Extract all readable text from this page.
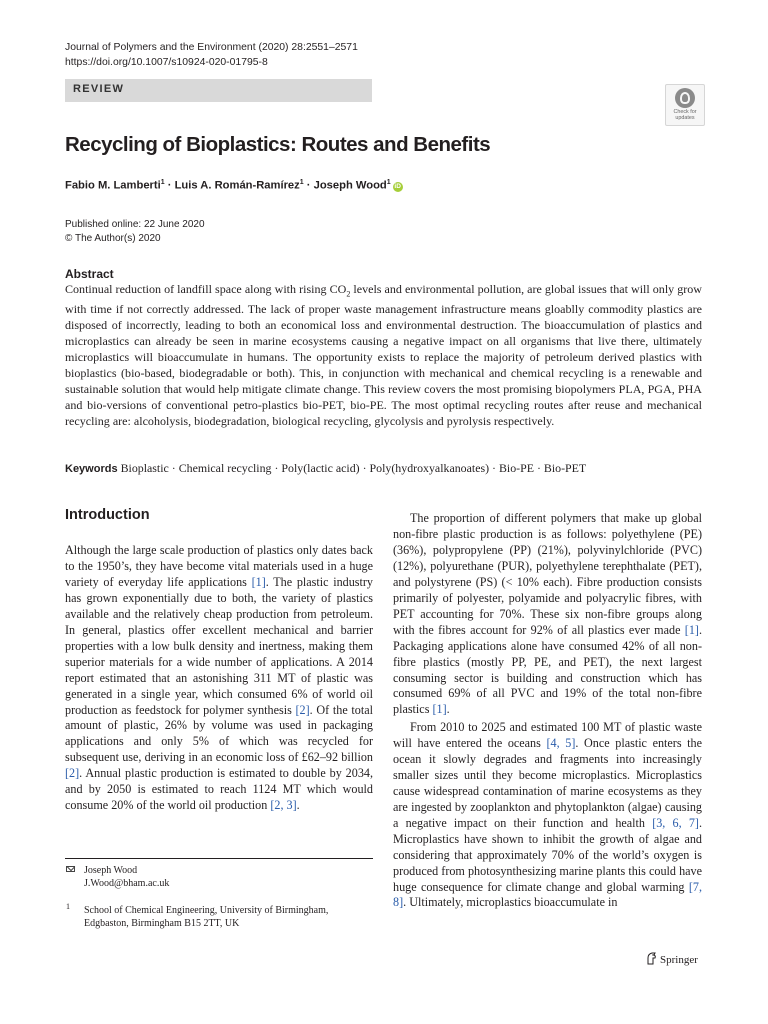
Journal of Polymers and the Environment (2020) 28:2551–2571
https://doi.org/10.1007/s10924-020-01795-8
REVIEW
Check for
updates
Recycling of Bioplastics: Routes and Benefits
Fabio M. Lamberti$^1$ · Luis A. Román-Ramírez$^1$ · Joseph Wood$^1$iD
Published online: 22 June 2020
© The Author(s) 2020
Abstract
Continual reduction of landfill space along with rising $CO_2$ levels and environmental pollution, are global issues that will only grow with time if not correctly addressed. The lack of proper waste management infrastructure means gloablly commodity plastics are disposed of incorrectly, leading to both an economical loss and environmental destruction. The bioaccumulation of plastics and microplastics can already be seen in marine ecosystems causing a negative impact on all organisms that live there, ultimately microplastics will bioaccumulate in humans. The opportunity exists to replace the majority of petroleum derived plastics with bioplastics (bio-based, biodegradable or both). This, in conjunction with mechanical and chemical recycling is a renewable and sustainable solution that would help mitigate climate change. This review covers the most promising biopolymers PLA, PGA, PHA and bio-versions of conventional petro-plastics bio-PET, bio-PE. The most optimal recycling routes after reuse and mechanical recycling are: alcoholysis, biodegradation, biological recycling, glycolysis and pyrolysis respectively.
Keywords Bioplastic · Chemical recycling · Poly(lactic acid) · Poly(hydroxyalkanoates) · Bio-PE · Bio-PET
Introduction
Although the large scale production of plastics only dates back to the 1950’s, they have become vital materials used in a huge variety of everyday life applications [1]. The plastic industry has grown exponentially due to both, the variety of plastics available and the relatively cheap production from petroleum. In general, plastics offer excellent mechanical and barrier properties with a low bulk density and inertness, making them superior materials for a wide number of applications. A 2014 report estimated that an astonishing 311 MT of plastic was generated in a single year, which consumed 6% of world oil production as feedstock for polymer synthesis [2]. Of the total amount of plastic, 26% by volume was used in packaging applications and only 5% of which was recycled for subsequent use, deriving in an economic loss of £62–92 billion [2]. Annual plastic production is estimated to double by 2034, and by 2050 is estimated to reach 1124 MT which would consume 20% of the world oil production [2, 3].
The proportion of different polymers that make up global non-fibre plastic production is as follows: polyethylene (PE) (36%), polypropylene (PP) (21%), polyvinylchloride (PVC) (12%), polyurethane (PUR), polyethylene terephthalate (PET), and polystyrene (PS) (< 10% each). Fibre production consists primarily of polyester, polyamide and polyacrylic fibres, with PET accounting for 70%. These six non-fibre groups along with the fibres account for 92% of all plastics ever made [1]. Packaging applications alone have consumed 42% of all non-fibre plastics (mostly PP, PE, and PET), the next largest consuming sector is building and construction which has consumed 69% of all PVC and 19% of the total non-fibre plastics [1].
From 2010 to 2025 and estimated 100 MT of plastic waste will have entered the oceans [4, 5]. Once plastic enters the ocean it slowly degrades and fragments into increasingly smaller sizes until they become microplastics. Microplastics cause widespread contamination of marine ecosystems as they are ingested by zooplankton and phytoplankton (algae) causing a negative impact on their function and health [3, 6, 7]. Microplastics have shown to inhibit the growth of algae and considering that approximately 70% of the world’s oxygen is produced from photosynthesizing marine plants this could have huge consequence for climate change and global warming [7, 8]. Ultimately, microplastics bioaccumulate in
Joseph Wood
J.Wood@bham.ac.uk
1 School of Chemical Engineering, University of Birmingham,
Edgbaston, Birmingham B15 2TT, UK
Springer
